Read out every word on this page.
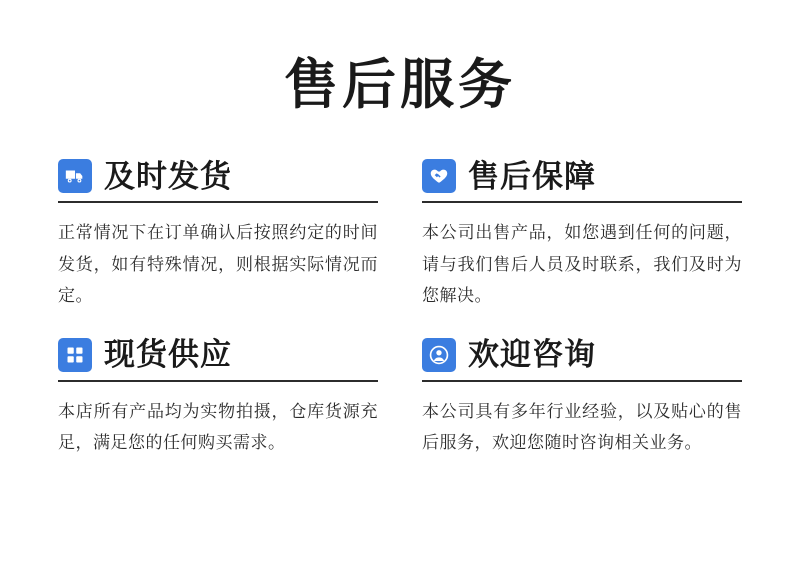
售后服务
及时发货
正常情况下在订单确认后按照约定的时间发货，如有特殊情况，则根据实际情况而定。
售后保障
本公司出售产品，如您遇到任何的问题，请与我们售后人员及时联系，我们及时为您解决。
现货供应
本店所有产品均为实物拍摄，仓库货源充足，满足您的任何购买需求。
欢迎咨询
本公司具有多年行业经验，以及贴心的售后服务，欢迎您随时咨询相关业务。
